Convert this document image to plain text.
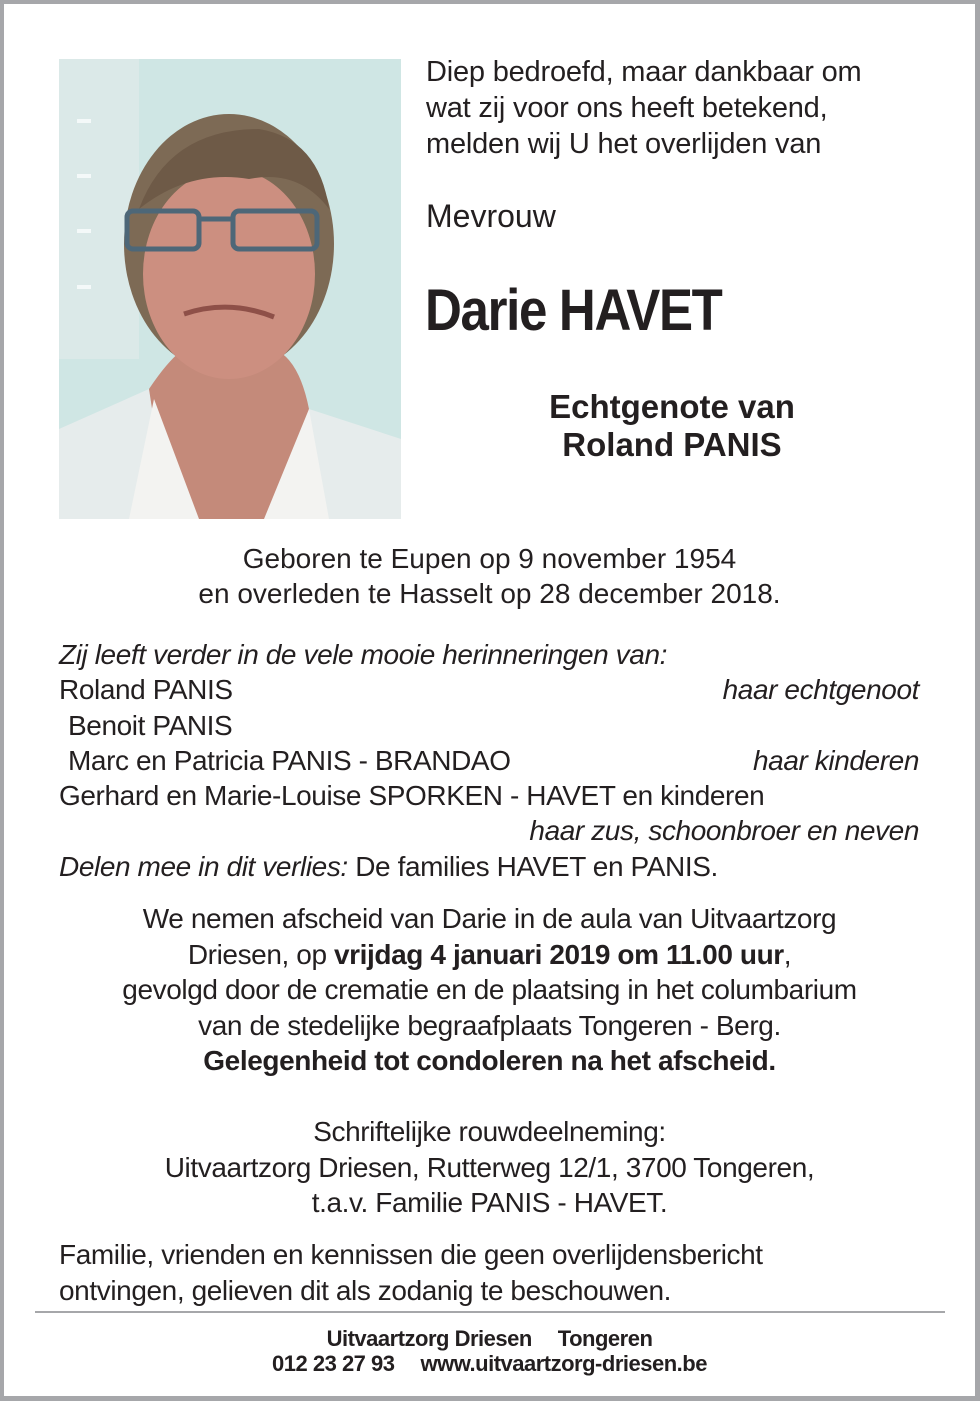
Diep bedroefd, maar dankbaar om
wat zij voor ons heeft betekend,
melden wij U het overlijden van
Mevrouw
Darie HAVET
Echtgenote van
Roland PANIS
Geboren te Eupen op 9 november 1954
en overleden te Hasselt op 28 december 2018.
Zij leeft verder in de vele mooie herinneringen van:
Roland PANIS	haar echtgenoot
Benoit PANIS
Marc en Patricia PANIS - BRANDAO	haar kinderen
Gerhard en Marie-Louise SPORKEN - HAVET en kinderen
haar zus, schoonbroer en neven
Delen mee in dit verlies: De families HAVET en PANIS.
We nemen afscheid van Darie in de aula van Uitvaartzorg
Driesen, op vrijdag 4 januari 2019 om 11.00 uur,
gevolgd door de crematie en de plaatsing in het columbarium
van de stedelijke begraafplaats Tongeren - Berg.
Gelegenheid tot condoleren na het afscheid.
Schriftelijke rouwdeelneming:
Uitvaartzorg Driesen, Rutterweg 12/1, 3700 Tongeren,
t.a.v. Familie PANIS - HAVET.
Familie, vrienden en kennissen die geen overlijdensbericht
ontvingen, gelieven dit als zodanig te beschouwen.
Uitvaartzorg Driesen Tongeren
012 23 27 93 www.uitvaartzorg-driesen.be
